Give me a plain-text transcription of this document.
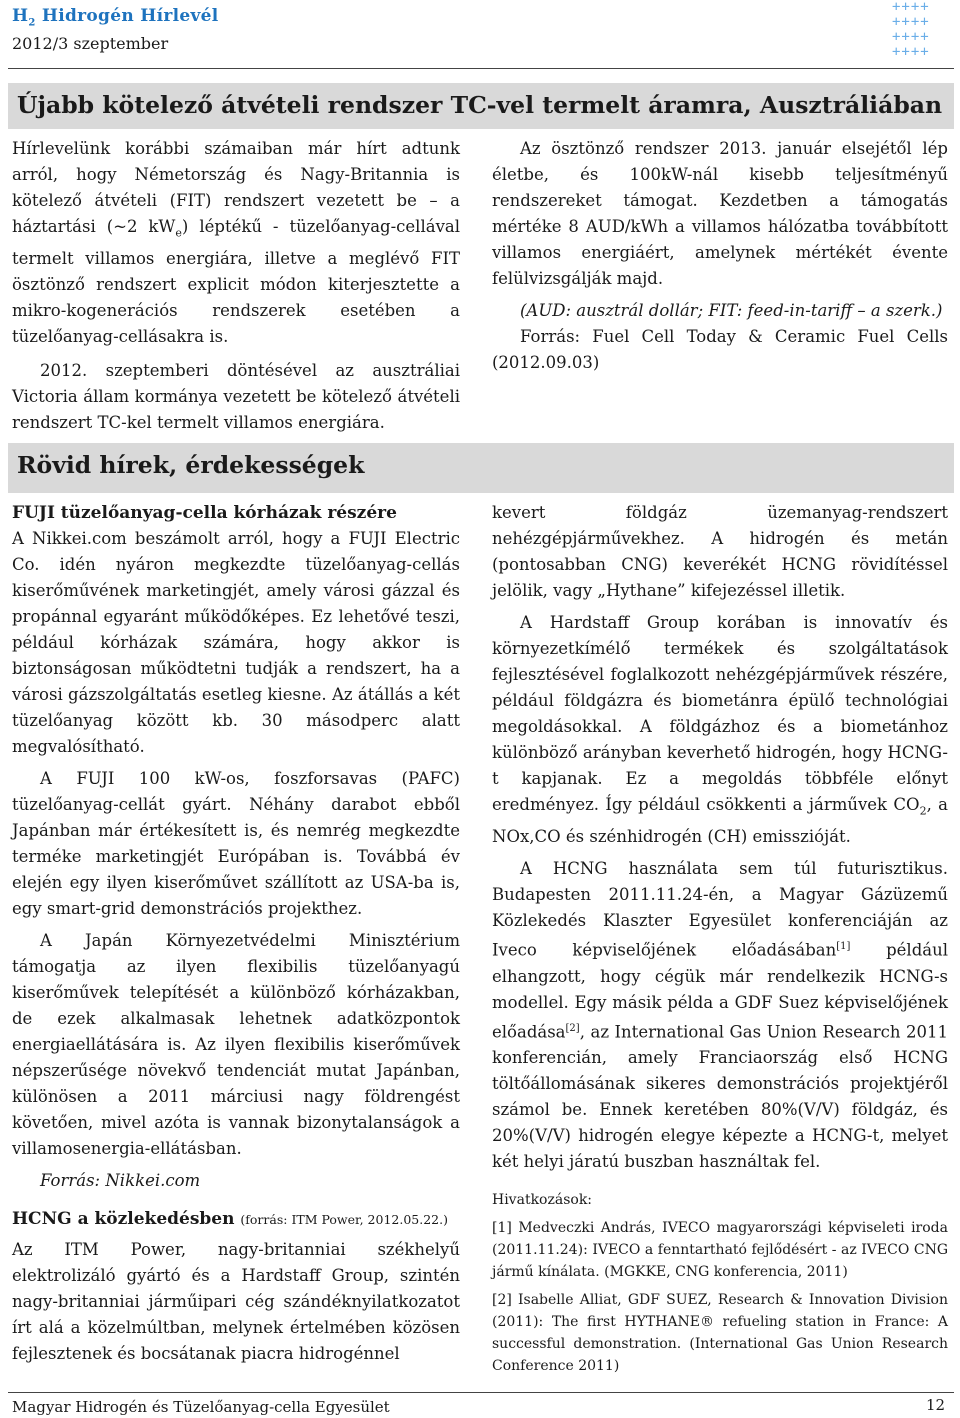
$H_2$ Hidrogén Hírlevél
2012/3 szeptember
++++
++++
++++
++++
Újabb kötelező átvételi rendszer TC-vel termelt áramra, Ausztráliában

Hírlevelünk korábbi számaiban már hírt adtunk arról, hogy Németország és Nagy-Britannia is kötelező átvételi (FIT) rendszert vezetett be – a háztartási (~2 $kW_e$) léptékű - tüzelőanyag-cellával termelt villamos energiára, illetve a meglévő FIT ösztönző rendszert explicit módon kiterjesztette a mikro-kogenerációs rendszerek esetében a tüzelőanyag-cellásakra is.

2012. szeptemberi döntésével az ausztráliai Victoria állam kormánya vezetett be kötelező átvételi rendszert TC-kel termelt villamos energiára.

Az ösztönző rendszer 2013. január elsejétől lép életbe, és 100kW-nál kisebb teljesítményű rendszereket támogat. Kezdetben a támogatás mértéke 8 AUD/kWh a villamos hálózatba továbbított villamos energiáért, amelynek mértékét évente felülvizsgálják majd.

(AUD: ausztrál dollár; FIT: feed-in-tariff – a szerk.)

Forrás: Fuel Cell Today & Ceramic Fuel Cells (2012.09.03)

Rövid hírek, érdekességek

FUJI tüzelőanyag-cella kórházak részére

A Nikkei.com beszámolt arról, hogy a FUJI Electric Co. idén nyáron megkezdte tüzelőanyag-cellás kiserőművének marketingjét, amely városi gázzal és propánnal egyaránt működőképes. Ez lehetővé teszi, például kórházak számára, hogy akkor is biztonságosan működtetni tudják a rendszert, ha a városi gázszolgáltatás esetleg kiesne. Az átállás a két tüzelőanyag között kb. 30 másodperc alatt megvalósítható.

A FUJI 100 kW-os, foszforsavas (PAFC) tüzelőanyag-cellát gyárt. Néhány darabot ebből Japánban már értékesített is, és nemrég megkezdte terméke marketingjét Európában is. Továbbá év elején egy ilyen kiserőművet szállított az USA-ba is, egy smart-grid demonstrációs projekthez.

A Japán Környezetvédelmi Minisztérium támogatja az ilyen flexibilis tüzelőanyagú kiserőművek telepítését a különböző kórházakban, de ezek alkalmasak lehetnek adatközpontok energiaellátására is. Az ilyen flexibilis kiserőművek népszerűsége növekvő tendenciát mutat Japánban, különösen a 2011 márciusi nagy földrengést követően, mivel azóta is vannak bizonytalanságok a villamosenergia-ellátásban.

Forrás: Nikkei.com

HCNG a közlekedésben (forrás: ITM Power, 2012.05.22.)

Az ITM Power, nagy-britanniai székhelyű elektrolizáló gyártó és a Hardstaff Group, szintén nagy-britanniai járműipari cég szándéknyilatkozatot írt alá a közelmúltban, melynek értelmében közösen fejlesztenek és bocsátanak piacra hidrogénnel

kevert földgáz üzemanyag-rendszert nehézgépjárművekhez. A hidrogén és metán (pontosabban CNG) keverékét HCNG rövidítéssel jelölik, vagy „Hythane” kifejezéssel illetik.

A Hardstaff Group korában is innovatív és környezetkímélő termékek és szolgáltatások fejlesztésével foglalkozott nehézgépjárművek részére, például földgázra és biometánra épülő technológiai megoldásokkal. A földgázhoz és a biometánhoz különböző arányban keverhető hidrogén, hogy HCNG-t kapjanak. Ez a megoldás többféle előnyt eredményez. Így például csökkenti a járművek $CO_2$, a NOx,CO és szénhidrogén (CH) emisszióját.

A HCNG használata sem túl futurisztikus. Budapesten 2011.11.24-én, a Magyar Gázüzemű Közlekedés Klaszter Egyesület konferenciáján az Iveco képviselőjének előadásában[1] például elhangzott, hogy cégük már rendelkezik HCNG-s modellel. Egy másik példa a GDF Suez képviselőjének előadása[2], az International Gas Union Research 2011 konferencián, amely Franciaország első HCNG töltőállomásának sikeres demonstrációs projektjéről számol be. Ennek keretében 80%(V/V) földgáz, és 20%(V/V) hidrogén elegye képezte a HCNG-t, melyet két helyi járatú buszban használtak fel.

Hivatkozások:

[1] Medveczki András, IVECO magyarországi képviseleti iroda (2011.11.24): IVECO a fenntartható fejlődésért - az IVECO CNG jármű kínálata. (MGKKE, CNG konferencia, 2011)

[2] Isabelle Alliat, GDF SUEZ, Research & Innovation Division (2011): The first HYTHANE® refueling station in France: A successful demonstration. (International Gas Union Research Conference 2011)

Magyar Hidrogén és Tüzelőanyag-cella Egyesület	12
